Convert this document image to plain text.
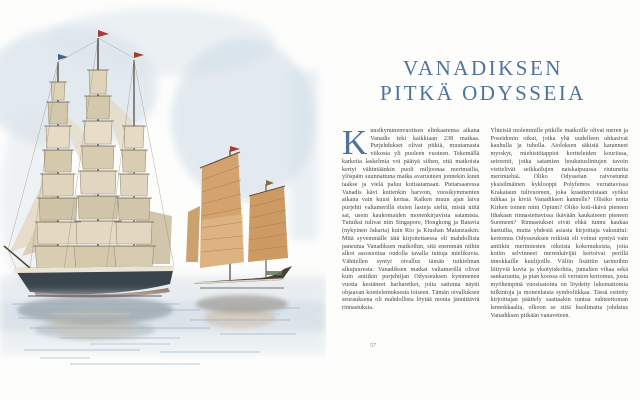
VANADIKSEN
PITKÄ ODYSSEIA
Kuusikymmenvuotisen elinkaarensa aikana Vanadis teki kaikkiaan 238 matkaa. Purjehdukset olivat pitkiä, muutamasta viikosta yli puoleen vuoteen. Tekemällä karkeita laskelmia voi päätyä siihen, että matkoista kertyi vähintäänkin puoli miljoonaa merimailia, ylöspäin suunnattuna matka avaruuteen jonnekin kuun taakse ja vielä paluu kotisatamaan. Pietarsaaressa Vanadis kävi kuitenkin harvoin, vuosikymmenten aikana vain kuusi kertaa. Kaiken muun ajan laiva purjehti valtamerillä etsien lasteja sieltä, mistä niitä sai, usein kaukomaiden monenkirjavista satamista. Tutuiksi tulivat niin Singapore, Hongkong ja Batavia (nykyinen Jakarta) kuin Rio ja Kiushan Matanzaskin. Mitä syvemmälle tätä kirjoitettaessa oli mahdollista paneutua Vanadiksen matkoihin, sitä enemmän niihin alkoi assosioitua oudolla tavalla tuttuja mielikuvia. Vähitellen syntyi oivallus tämän tutkielman alkujuuresta: Vanadiksen matkat valtamerillä olivat kuin antiikin purjehtijan Odysseuksen kymmenen vuotta kestäneet harharetket, joita sattuma näytti ohjaavan koettelemuksesta toiseen. Tämän oivalluksen seurauksena oli mahdollista löytää monia jännittäviä rinnastuksia.
Yhteisiä molemmille pitkille matkoille olivat meren ja Poseidonin oikut, jotka yhä uudelleen uhkasivat kauhulla ja tuholla. Aioloksen säkistä karanneet myrskyt, miehistötappiot kortteleiden kouriissa, seireenit, jotka satamien houkutuslintujen tavoin viettelivät seikkailujen naiskaipuussa riutuneita merimiehiä. Oliko Odysseian raivostunut yksisilmäinen kyklooppi Polyfemos verrattavissa Krakataun tulivuoreen, joka kraattereistaan syöksi tuhkaa ja kiviä Vanadiksen kannelle? Olisiko noita Kirken toinen nimi Opium? Oliko koti-ikävä pieneen Ithakaan rinnastettavissa ikävään kaukaiseen pieneen Suomeen? Rinnastukset eivät ehkä tunnu kaukaa haetuilta, mutta yhdestä asiasta kirjoittaja vakuuttui: kertomus Odysseuksen retkistä oli voinut syntyä vain antiikin merimiesten oikeista kokemuksista, joita kotiin selvinneet merenkävijät kertoivat perillä innokkaille kuulijoille. Väliin lisättiin tarinoihin liittyviä kuvia ja yksityiskohtia, jumalten vihaa sekä sankaruutta, ja pian koossa oli verraton kertomus, josta myöhempinä vuosisatoina on löydetty lukemattomia tulkintoja ja monenlaista symboliikkaa. Tässä esitetty kirjoittajan päättely saattaakin tuntua suhteettoman lennokkaalta, olkoon se siitä huolimatta johdatus Vanadiksen pitkään vanaveteen.
57
